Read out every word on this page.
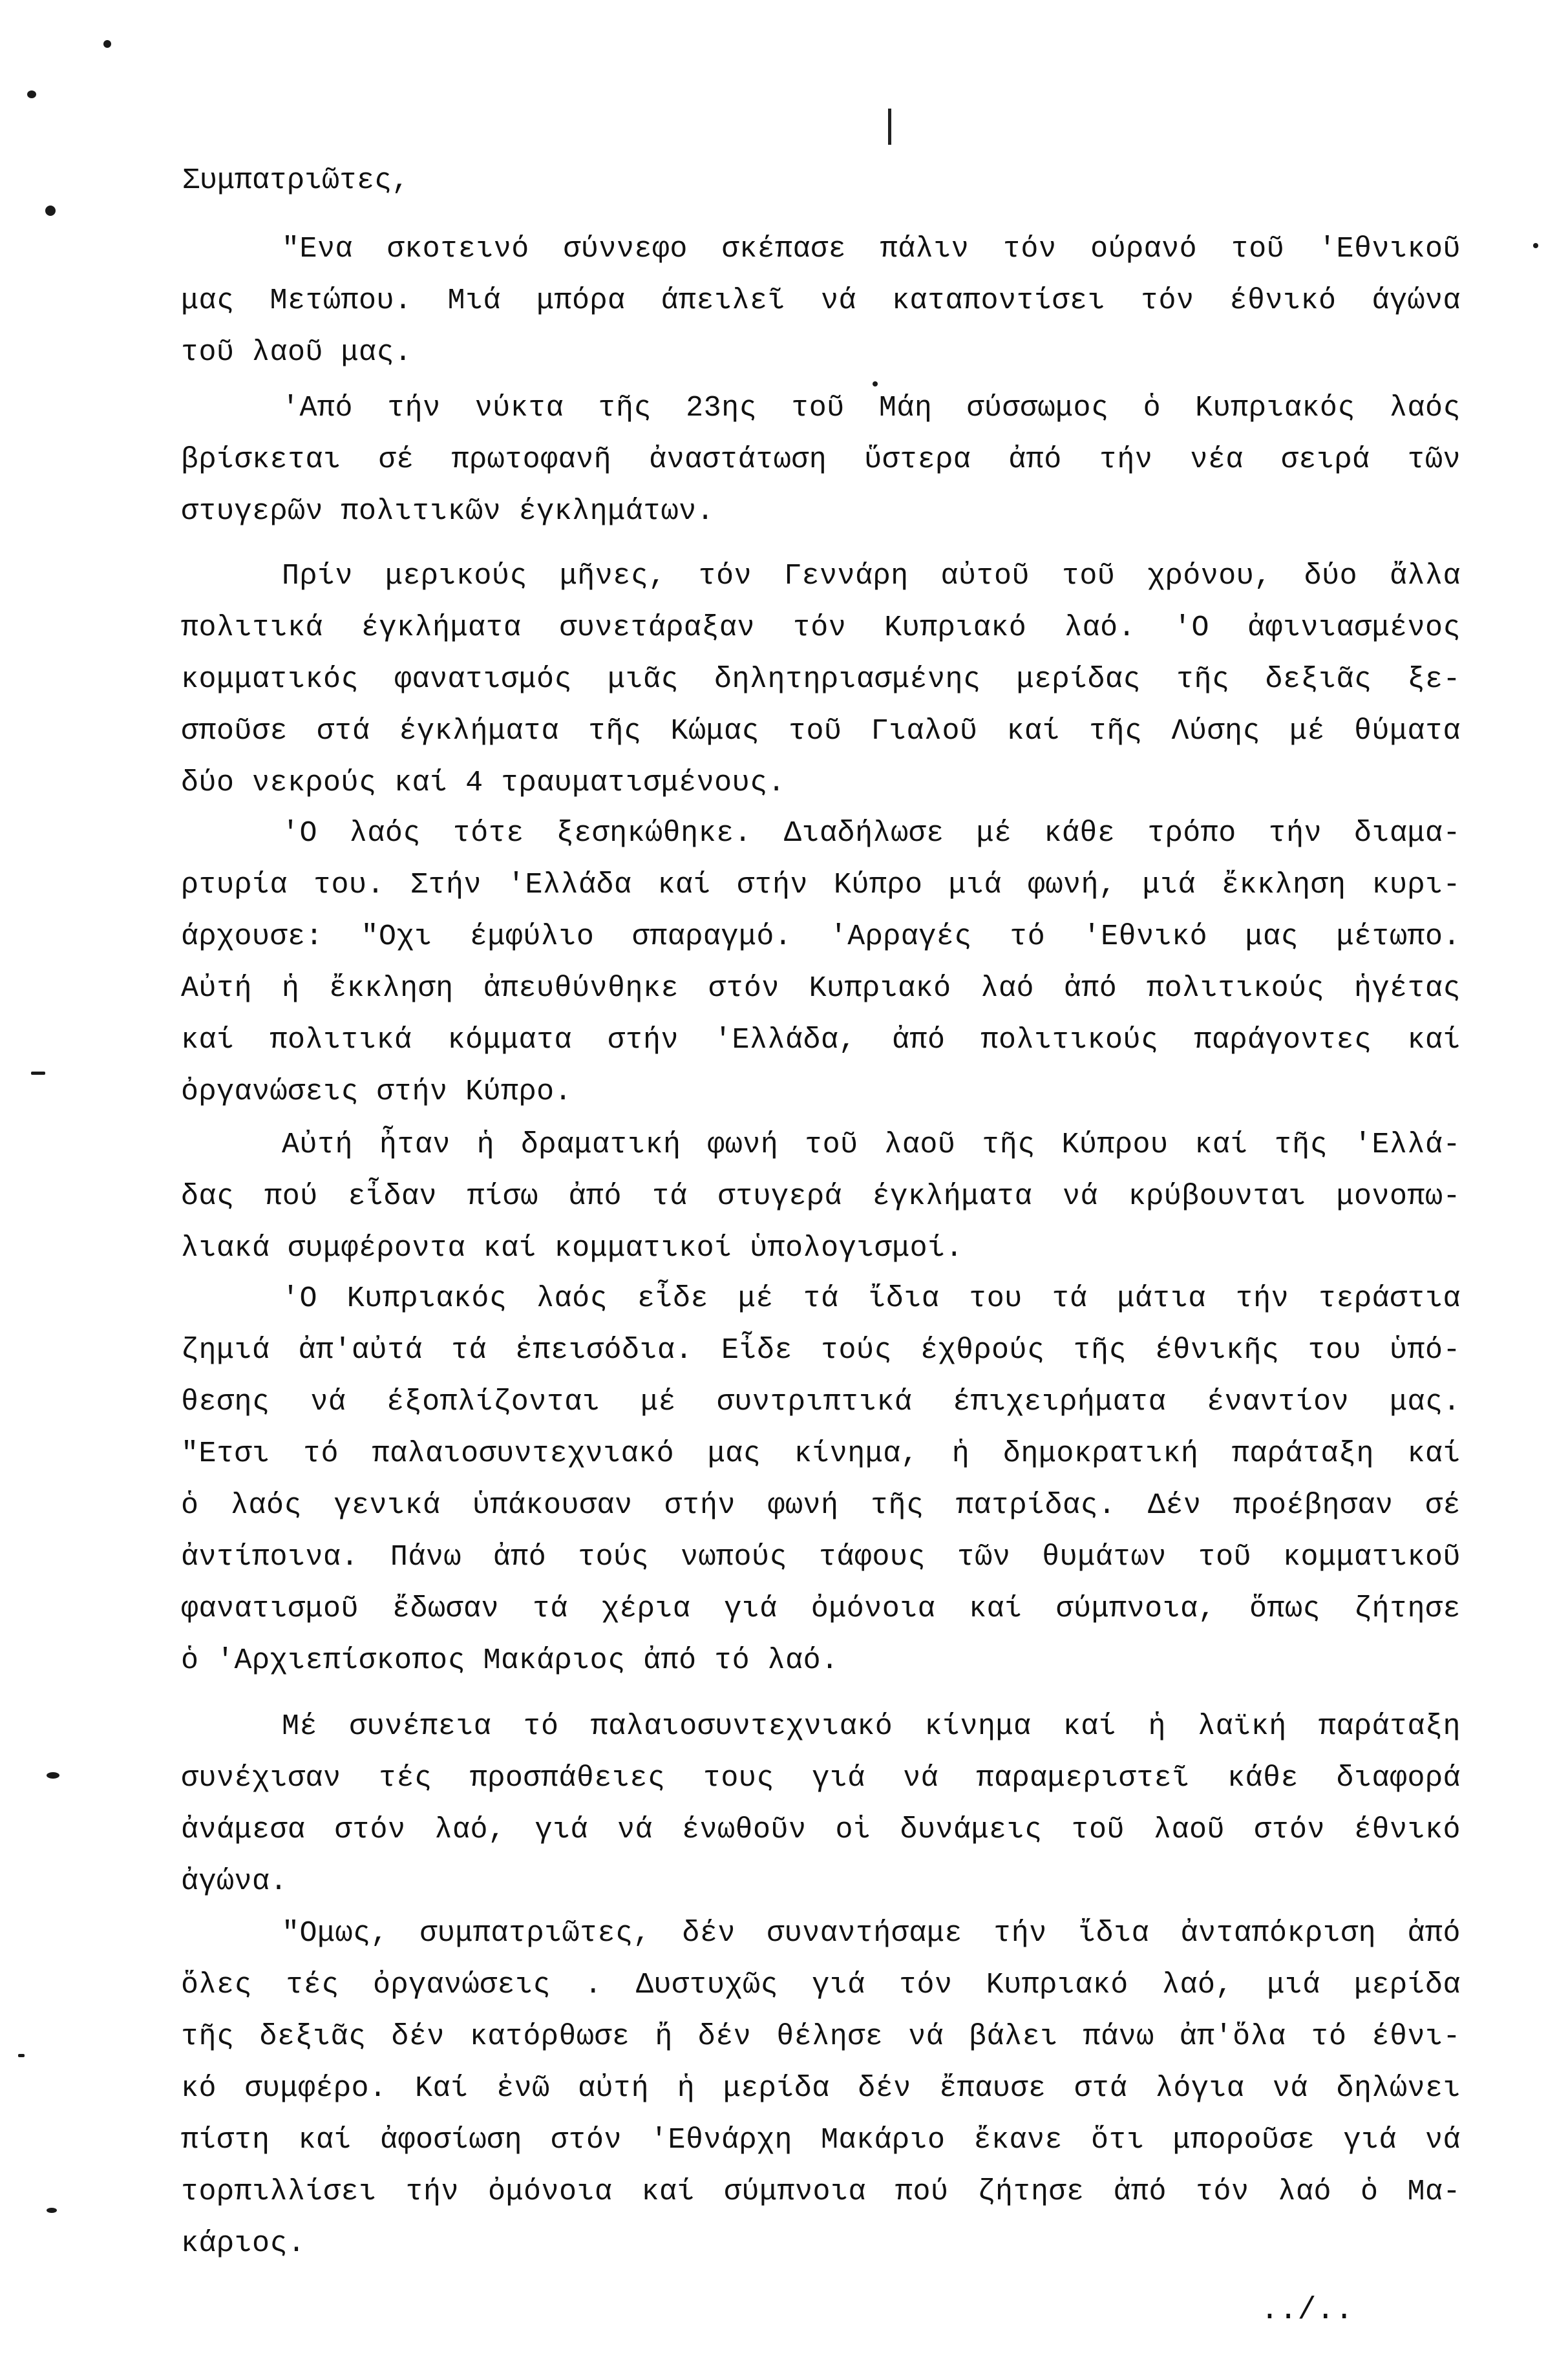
Συμπατριῶτες,
"Ενα σκοτεινό σύννεφο σκέπασε πάλιν τόν ούρανό τοῦ 'Εθνικοῦ
μας Μετώπου. Μιά μπόρα άπειλεῖ νά καταποντίσει τόν έθνικό άγώνα
τοῦ λαοῦ μας.
'Από τήν νύκτα τῆς 23ης τοῦ Μάη σύσσωμος ὁ Κυπριακός λαός
βρίσκεται σέ πρωτοφανῆ ἀναστάτωση ὕστερα ἀπό τήν νέα σειρά τῶν
στυγερῶν πολιτικῶν έγκλημάτων.
Πρίν μερικούς μῆνες, τόν Γεννάρη αὐτοῦ τοῦ χρόνου, δύο ἄλλα
πολιτικά έγκλήματα συνετάραξαν τόν Κυπριακό λαό. 'Ο ἀφινιασμένος
κομματικός φανατισμός μιᾶς δηλητηριασμένης μερίδας τῆς δεξιᾶς ξε-
σποῦσε στά έγκλήματα τῆς Κώμας τοῦ Γιαλοῦ καί τῆς Λύσης μέ θύματα
δύο νεκρούς καί 4 τραυματισμένους.
'Ο λαός τότε ξεσηκώθηκε. Διαδήλωσε μέ κάθε τρόπο τήν διαμα-
ρτυρία του. Στήν 'Ελλάδα καί στήν Κύπρο μιά φωνή, μιά ἔκκληση κυρι-
άρχουσε: "Οχι έμφύλιο σπαραγμό. 'Αρραγές τό 'Εθνικό μας μέτωπο.
Αὐτή ἡ ἔκκληση ἀπευθύνθηκε στόν Κυπριακό λαό ἀπό πολιτικούς ἡγέτας
καί πολιτικά κόμματα στήν 'Ελλάδα, ἀπό πολιτικούς παράγοντες καί
ὀργανώσεις στήν Κύπρο.
Αὐτή ἦταν ἡ δραματική φωνή τοῦ λαοῦ τῆς Κύπρου καί τῆς 'Ελλά-
δας πού εἶδαν πίσω ἀπό τά στυγερά έγκλήματα νά κρύβουνται μονοπω-
λιακά συμφέροντα καί κομματικοί ὑπολογισμοί.
'Ο Κυπριακός λαός εἶδε μέ τά ἴδια του τά μάτια τήν τεράστια
ζημιά ἀπ'αὐτά τά ἐπεισόδια. Εἶδε τούς έχθρούς τῆς έθνικῆς του ὑπό-
θεσης νά έξοπλίζονται μέ συντριπτικά έπιχειρήματα έναντίον μας.
"Ετσι τό παλαιοσυντεχνιακό μας κίνημα, ἡ δημοκρατική παράταξη καί
ὁ λαός γενικά ὑπάκουσαν στήν φωνή τῆς πατρίδας. Δέν προέβησαν σέ
ἀντίποινα. Πάνω ἀπό τούς νωπούς τάφους τῶν θυμάτων τοῦ κομματικοῦ
φανατισμοῦ ἔδωσαν τά χέρια γιά ὀμόνοια καί σύμπνοια, ὅπως ζήτησε
ὁ 'Αρχιεπίσκοπος Μακάριος ἀπό τό λαό.
Μέ συνέπεια τό παλαιοσυντεχνιακό κίνημα καί ἡ λαϊκή παράταξη
συνέχισαν τές προσπάθειες τους γιά νά παραμεριστεῖ κάθε διαφορά
ἀνάμεσα στόν λαό, γιά νά ένωθοῦν οἱ δυνάμεις τοῦ λαοῦ στόν έθνικό
ἀγώνα.
"Ομως, συμπατριῶτες, δέν συναντήσαμε τήν ἴδια ἀνταπόκριση ἀπό
ὅλες τές ὀργανώσεις . Δυστυχῶς γιά τόν Κυπριακό λαό, μιά μερίδα
τῆς δεξιᾶς δέν κατόρθωσε ἤ δέν θέλησε νά βάλει πάνω ἀπ'ὅλα τό έθνι-
κό συμφέρο. Καί ἐνῶ αὐτή ἡ μερίδα δέν ἔπαυσε στά λόγια νά δηλώνει
πίστη καί ἀφοσίωση στόν 'Εθνάρχη Μακάριο ἔκανε ὅτι μποροῦσε γιά νά
τορπιλλίσει τήν ὀμόνοια καί σύμπνοια πού ζήτησε ἀπό τόν λαό ὁ Μα-
κάριος.
../..
